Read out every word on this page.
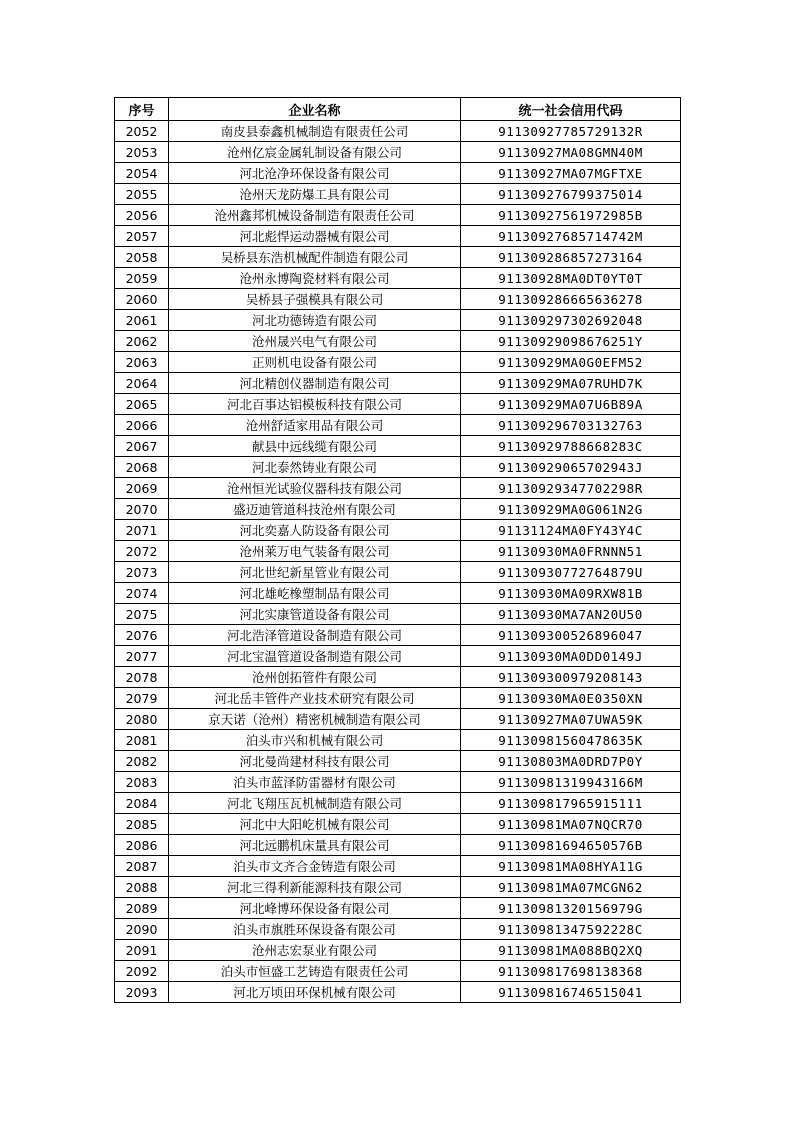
序号	企业名称	统一社会信用代码
2052	南皮县泰鑫机械制造有限责任公司	91130927785729132R
2053	沧州亿宸金属轧制设备有限公司	91130927MA08GMN40M
2054	河北沧净环保设备有限公司	91130927MA07MGFTXE
2055	沧州天龙防爆工具有限公司	911309276799375014
2056	沧州鑫邦机械设备制造有限责任公司	91130927561972985B
2057	河北彪悍运动器械有限公司	91130927685714742M
2058	吴桥县东浩机械配件制造有限公司	911309286857273164
2059	沧州永博陶瓷材料有限公司	91130928MA0DT0YT0T
2060	吴桥县子强模具有限公司	911309286665636278
2061	河北功德铸造有限公司	911309297302692048
2062	沧州晟兴电气有限公司	91130929098676251Y
2063	正则机电设备有限公司	91130929MA0G0EFM52
2064	河北精创仪器制造有限公司	91130929MA07RUHD7K
2065	河北百事达铝模板科技有限公司	91130929MA07U6B89A
2066	沧州舒适家用品有限公司	911309296703132763
2067	献县中远线缆有限公司	91130929788668283C
2068	河北泰然铸业有限公司	91130929065702943J
2069	沧州恒光试验仪器科技有限公司	91130929347702298R
2070	盛迈迪管道科技沧州有限公司	91130929MA0G061N2G
2071	河北奕嘉人防设备有限公司	91131124MA0FY43Y4C
2072	沧州莱万电气装备有限公司	91130930MA0FRNNN51
2073	河北世纪新星管业有限公司	91130930772764879U
2074	河北雄屹橡塑制品有限公司	91130930MA09RXW81B
2075	河北实康管道设备有限公司	91130930MA7AN20U50
2076	河北浩泽管道设备制造有限公司	911309300526896047
2077	河北宝温管道设备制造有限公司	91130930MA0DD0149J
2078	沧州创拓管件有限公司	911309300979208143
2079	河北岳丰管件产业技术研究有限公司	91130930MA0E0350XN
2080	京天诺（沧州）精密机械制造有限公司	91130927MA07UWA59K
2081	泊头市兴和机械有限公司	91130981560478635K
2082	河北曼尚建材科技有限公司	91130803MA0DRD7P0Y
2083	泊头市蓝泽防雷器材有限公司	91130981319943166M
2084	河北飞翔压瓦机械制造有限公司	911309817965915111
2085	河北中大阳屹机械有限公司	91130981MA07NQCR70
2086	河北远鹏机床量具有限公司	91130981694650576B
2087	泊头市文齐合金铸造有限公司	91130981MA08HYA11G
2088	河北三得利新能源科技有限公司	91130981MA07MCGN62
2089	河北峰博环保设备有限公司	91130981320156979G
2090	泊头市旗胜环保设备有限公司	91130981347592228C
2091	沧州志宏泵业有限公司	91130981MA088BQ2XQ
2092	泊头市恒盛工艺铸造有限责任公司	911309817698138368
2093	河北万顷田环保机械有限公司	911309816746515041
